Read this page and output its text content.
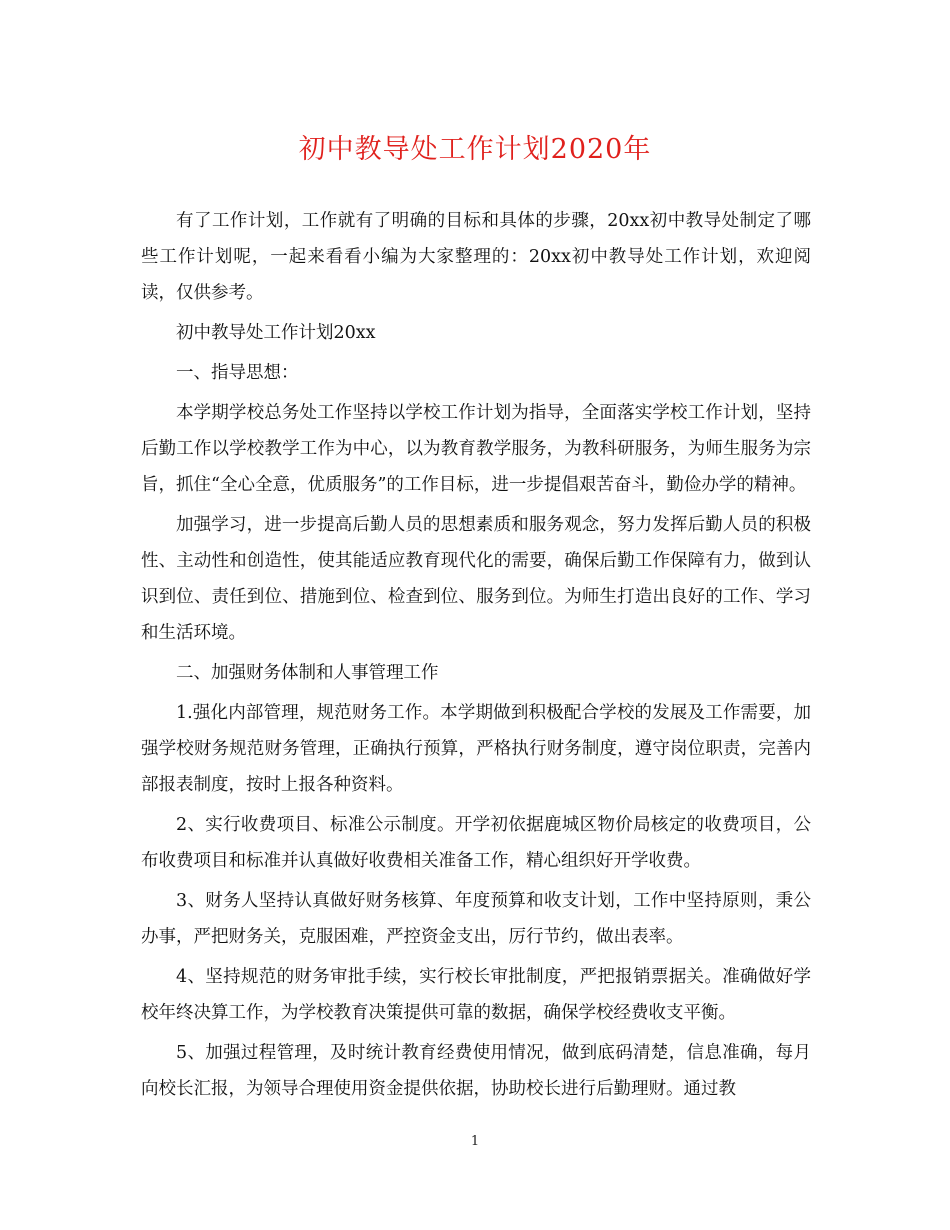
初中教导处工作计划2020年

有了工作计划，工作就有了明确的目标和具体的步骤，20xx初中教导处制定了哪些工作计划呢，一起来看看小编为大家整理的：20xx初中教导处工作计划，欢迎阅读，仅供参考。

初中教导处工作计划20xx

一、指导思想：

本学期学校总务处工作坚持以学校工作计划为指导，全面落实学校工作计划，坚持后勤工作以学校教学工作为中心，以为教育教学服务，为教科研服务，为师生服务为宗旨，抓住“全心全意，优质服务”的工作目标，进一步提倡艰苦奋斗，勤俭办学的精神。

加强学习，进一步提高后勤人员的思想素质和服务观念，努力发挥后勤人员的积极性、主动性和创造性，使其能适应教育现代化的需要，确保后勤工作保障有力，做到认识到位、责任到位、措施到位、检查到位、服务到位。为师生打造出良好的工作、学习和生活环境。

二、加强财务体制和人事管理工作

1.强化内部管理，规范财务工作。本学期做到积极配合学校的发展及工作需要，加强学校财务规范财务管理，正确执行预算，严格执行财务制度，遵守岗位职责，完善内部报表制度，按时上报各种资料。

2、实行收费项目、标准公示制度。开学初依据鹿城区物价局核定的收费项目，公布收费项目和标准并认真做好收费相关准备工作，精心组织好开学收费。

3、财务人坚持认真做好财务核算、年度预算和收支计划，工作中坚持原则，秉公办事，严把财务关，克服困难，严控资金支出，厉行节约，做出表率。

4、坚持规范的财务审批手续，实行校长审批制度，严把报销票据关。准确做好学校年终决算工作，为学校教育决策提供可靠的数据，确保学校经费收支平衡。

5、加强过程管理，及时统计教育经费使用情况，做到底码清楚，信息准确，每月向校长汇报，为领导合理使用资金提供依据，协助校长进行后勤理财。通过教

1
